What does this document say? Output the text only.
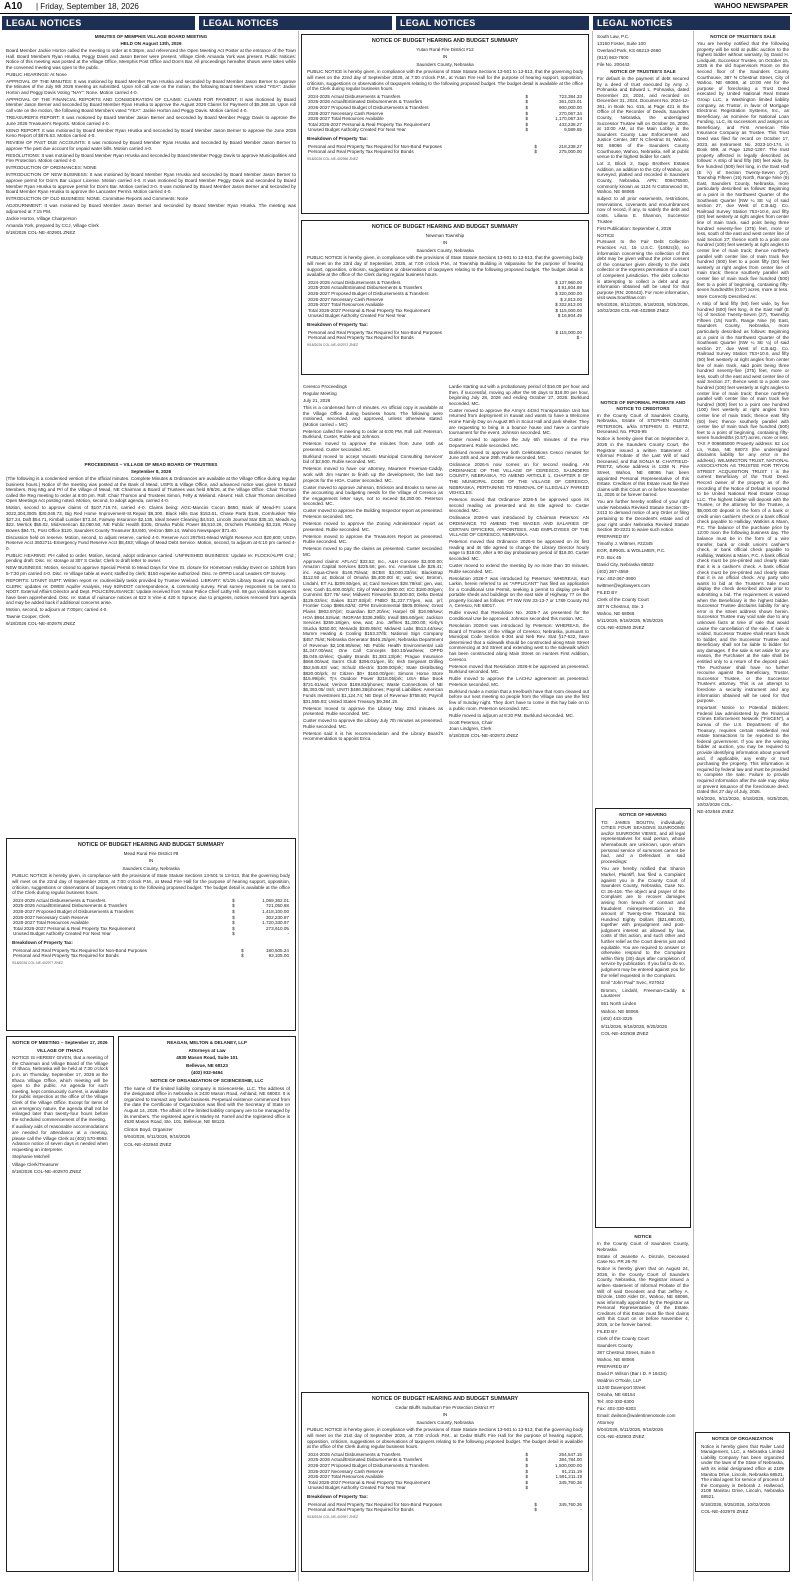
A10 | Friday, September 18, 2026	WAHOO NEWSPAPER
LEGAL NOTICES	LEGAL NOTICES	LEGAL NOTICES	LEGAL NOTICES

MINUTES OF MEMPHIS VILLAGE BOARD MEETING

HELD ON August 13th, 2026

Board Member Jackie Horton called the meeting to order at 6:38pm, and referenced the Open Meeting Act Poster at the entrance of the Town Hall. Board Members Ryan Hruska, Peggy Davis and Jason Berner were present. Village Clerk Amanda York was present. Public Notices: Notice of this meeting was posted at the Village Office, Memphis Post Office and Don's Bar. All proceedings hereafter shown were taken while the convened meeting was open to the public.

PUBLIC HEARINGS: At None

APPROVAL OF THE MINUTES: It was motioned by Board Member Ryan Hruska and seconded by Board Member Jason Berner to approve the Minutes of the July 9th 2026 meeting as submitted. Upon roll call vote on the motion, the following Board Members voted "YEA": Jackie Horton and Peggy Davis Voting "NAY": None. Motion carried 4-0.

APPROVAL OF THE FINANCIAL REPORTS AND CONSIDERATION OF CLAIMS: CLAIMS FOR PAYMENT. It was motioned by Board Member Jason Berner and seconded by Board Member Ryan Hruska to approve the August 2026 Claims for Payment of $5,366.18. Upon roll call vote on the motion, the following Board Members voted "YEA": Jackie Horton and Peggy Davis. Motion carried 4-0.

TREASURER'S REPORT: It was motioned by Board Member Jason Berner and seconded by Board Member Peggy Davis to approve the June 2026 Treasurer's Reports. Motion carried 4-0.

KENO REPORT: It was motioned by Board Member Ryan Hruska and seconded by Board Member Jason Berner to approve the June 2026 Keno Report of $676.63. Motion carried 4-0.

REVIEW OF PAST DUE ACCOUNTS: It was motioned by Board Member Ryan Hruska and seconded by Board Member Jason Berner to approve The past due account for unpaid water bills. Motion carried 4-0.

RESOLUTIONS: It was motioned by Board Member Ryan Hruska and seconded by Board Member Peggy Davis to approve Municipalities and Fire Protection. Motion carried 4-0.

INTRODUCTION OF ORDINANCES: NONE

INTRODUCTION OF NEW BUSINESS: It was motioned by Board Member Ryan Hruska and seconded by Board Member Jason Berner to approve permit for Don's Bar Liquor License. Motion carried 4-0. It was motioned by Board Member Peggy Davis and seconded by Board Member Ryan Hruska to approve permit for Don's Bar. Motion carried 3-0. It was motioned by Board Member Jason Berner and seconded by Board Member Ryan Hruska to approve the Lancaster Permit. Motion carried 4-0.

INTRODUCTION OF OLD BUSINESS: NONE. Committee Reports and Comments: None

ADJOURNMENT: It was motioned by Board Member Jason Berner and seconded by Board Member Ryan Hruska. The meeting was adjourned at 7:15 PM.

Jackie Horton, Village Chairperson

Amanda York, prepared by CCJ, Village Clerk

9/18/2026 COL-NE-402901 ZNEZ

PROCEEDINGS – VILLAGE OF MEAD BOARD OF TRUSTEES

September 8, 2026

(The following is a condensed version of the official minutes. Complete Minutes & Ordinances are available at the Village Office during regular business hours.) Notice of the meeting was posted at the Bank of Mead, USPS & Village Office, and advanced notice was given to Board Members. Reg Mtg and Prl of the Village of Mead, NE Chairman & Board of Trustees was held 9/8/26, at the Village Office. Chair Thorson called the Reg meeting to order at 6:00 pm. Roll: Chair Thorson and Trustees Simon, Felty & Wieland. Absent: Hall. Chair Thorson described Open Meetings Act posting noted. Motion, second, to adopt agenda, carried 4-0.

Motion, second to approve claims of $107,719.74, carried 4-0. Claims being: AGC-Mancini Cocon $650, Bank of Mead-P.I Loans 3022,304,3505 $30,045.73, Big Red Home Improvement-St.Repair $6,300, Black Hills Gas $153.61, Chase Parts $146, Cornhusker Tele $27.24, Daft $54.71, Kimball Lumber $73.34, Fairway Insurance $2,135, Ideal Sewer Cleaning $4,510, Lincoln Journal Star $35.10, Meads Ag $22, Merrick $55.02, MidAmerican $2,060.50, NE Public Health $105, Omaha Public Power $5,510.26, Orscheln Plumbing $3,218, Pitney Bowes $94.71, Post Office $120, Saunders County Treasurer $3,840, Verizon $89.14, Wahoo Newspaper $71.40.

Discussion held on reserve. Motion, second, to adjust reserve, carried 4-0. Reserve Acct 297941-Mead Wright Reserve Acct $20,600; USDA Reserve Acct 3502711-Emergency Fund Reserve Acct $8,483; Village of Mead Debt Service. Motion, second, to adjourn at 6:10 pm carried 4-0.

PUBLIC HEARING: PH called to order. Motion, second, adopt ordinance carried. UNFINISHED BUSINESS: Update re: FLOCK/ALPR Cnd.; pending draft. Disc. re: storage at 307 S Cedar; Clerk to draft letter to owner.

NEW BUSINESS: Motion, second to approve Special Permit to Mead Days for Vine St. closure for Hometown Holiday Event on 12/5/26 from 5-7:30 pm carried 4-0. Disc. re Village table at event; staffed by clerk; $150 expense authorized. Disc. re OPPD Local Leaders GP Survey.

REPORTS: UTAINT SUPT: Written report re: routine/daily tasks provided by Trustee Wieland. LIBRARY: 8/1/26 Library Board mtg accepted. CLERK: updates re: DWEE Aquifer Analysis, Hwy 92/NDOT correspondence, & community survey. Final survey responses to be sent to NDOT. External Affairs Director and Dept. POLICE/NUISANCE: Update received from Yutan Police Chief Lathy Hill. 88 gun violations suspects have been apprehended. Disc. re: status of nuisance notices at 522 S Vine & 420 S Spruce; due to progress, notices removed from agenda and may be added back if additional concerns arise.

Motion, second, to adjourn at 7:00pm; carried 4-0.

Tawnie Cooper, Clerk

9/18/2026 COL-NE-402978 ZNEZ

NOTICE OF BUDGET HEARING AND BUDGET SUMMARY
Mead Rural Fire District #8
IN
Saunders County, Nebraska

PUBLIC NOTICE is hereby given, in compliance with the provisions of State Statute Sections 13-501 to 13-513, that the governing body will meet on the 22nd day of September 2026, at 7:00 o'clock P.M., at Mead Fire Hall for the purpose of hearing support, opposition, criticism, suggestions or observations of taxpayers relating to the following proposed budget. The budget detail is available at the office of the Clerk during regular business hours.

2024-2025 Actual Disbursements & Transfers	$	1,069,362.01
2025-2026 Actual/Estimated Disbursements & Transfers	$	721,050.68
2026-2027 Proposed Budget of Disbursements & Transfers	$	1,418,100.00
2026-2027 Necessary Cash Reserve	$	302,230.97
2026-2027 Total Resources Available	$	1,720,330.97
Total 2026-2027 Personal & Real Property Tax Requirement	$	273,610.05
Unused Budget Authority Created For Next Year	$	-
Breakdown of Property Tax:
Personal and Real Property Tax Required for Non-Bond Purposes	$	180,505.24
Personal and Real Property Tax Required for Bonds	$	93,105.00
9/18/2026 COL-NE-402977 ZNEZ

NOTICE OF MEETING – September 17, 2026

VILLAGE OF ITHACA

NOTICE IS HEREBY GIVEN, that a meeting of the Chairman and Village Board of the Village of Ithaca, Nebraska will be held at 7:30 o'clock p.m. on Thursday, September 17, 2026 at the Ithaca Village Office, which meeting will be open to the public. An agenda for such meeting, kept continuously current, is available for public inspection at the office of the Village Clerk of the Village Office. Except for items of an emergency nature, the agenda shall not be enlarged later than twenty-four hours before the scheduled commencement of the meeting.

If auxiliary aids of reasonable accommodations are needed for attendance at a meeting, please call the Village Clerk at (402) 570-8963. Advance notice of seven days is needed when requesting an interpreter.

Stephanie Mitchell

Village Clerk/Treasurer

9/18/2026 COL-NE-402970 ZNEZ

REAGAN, MELTON & DELANEY, LLP

Attorneys at Law

4530 Mason Road, Suite 101

Bellevue, NE 68123

(402) 932-9494

NOTICE OF ORGANIZATION OF SCIENCESHIE, LLC

The name of the limited liability company is SciencesHie, LLC. The address of the designated office in Nebraska is 2430 Mason Road, Ashland, NE 68003. It is organized to transact any lawful business. Perpetual existence commenced from the date the Certificate of Organization was filed with the Secretary of State on August 14, 2026. The affairs of the limited liability company are to be managed by its members. The registered agent is Marley M. Farrell and the registered office is 4530 Mason Road, Ste. 101, Bellevue, NE 68123.

Clinton Boyd, Organizer

9/04/2026, 9/11/2026, 9/18/2026

COL-NE-402940 ZNEZ

NOTICE OF BUDGET HEARING AND BUDGET SUMMARY
Yutan Rural Fire District #12
IN
Saunders County, Nebraska

PUBLIC NOTICE is hereby given, in compliance with the provisions of State Statute Sections 13-501 to 13-513, that the governing body will meet on the 22nd day of September 2026, at 7:00 o'clock P.M., at Yutan Fire Hall for the purpose of hearing support, opposition, criticism, suggestions or observations of taxpayers relating to the following proposed budget. The budget detail is available at the office of the Clerk during regular business hours.

2024-2025 Actual Disbursements & Transfers	$	723,384.33
2025-2026 Actual/Estimated Disbursements & Transfers	$	361,023.01
2026-2027 Proposed Budget of Disbursements & Transfers	$	900,000.00
2026-2027 Necessary Cash Reserve	$	270,067.34
2026-2027 Total Resources Available	$	1,170,067.34
Total 2026-2027 Personal & Real Property Tax Requirement	$	433,238.27
Unused Budget Authority Created For Next Year	$	9,589.65
Breakdown of Property Tax:
Personal and Real Property Tax Required for Non-Bond Purposes	$	218,238.27
Personal and Real Property Tax Required for Bonds	$	275,000.00
9/18/2026 COL-NE-402956 ZNEZ
NOTICE OF BUDGET HEARING AND BUDGET SUMMARY
Newman Township
IN
Saunders County, Nebraska

PUBLIC NOTICE is hereby given, in compliance with the provisions of State Statute Sections 13-501 to 13-513, that the governing body will meet on the 23rd day of September, 2026, at 7:00 o'clock P.M., at Township Building in Valparaiso for the purpose of hearing support, opposition, criticism, suggestions or observations of taxpayers relating to the following proposed budget. The budget detail is available at the office of the Clerk during regular business hours.

2024-2025 Actual Disbursements & Transfers		$ 137,960.00
2025-2026 Actual/Estimated Disbursements & Transfers		$ 91,604.69
2026-2027 Proposed Budget of Disbursements & Transfers		$ 320,000.00
2026-2027 Necessary Cash Reserve		$ 2,813.00
2026-2027 Total Resources Available		$ 322,813.00
Total 2026-2027 Personal & Real Property Tax Requirement		$ 115,000.00
Unused Budget Authority Created For Next Year		$ 16,804.49
Breakdown of Property Tax:
Personal and Real Property Tax Required for Non-Bond Purposes		$ 115,000.00
Personal and Real Property Tax Required for Bonds		$ -
9/18/2026 COL-NE-402972 ZNEZ

Ceresco Proceedings

Regular Meeting

July 21, 2026

This is a condensed form of minutes. An official copy is available at the Village Office during business hours. The following were motioned, seconded, and approved, unless otherwise stated. (Motion carried = MC)

Peterson called the meeting to order at 6:00 PM. Roll call: Peterson, Burklund, Custer, Ruble and Johnson.

Peterson moved to approve the minutes from June 16th as presented. Custer seconded. MC.

Burklund moved to accept Vacanti Municipal Consulting Services' bid of $2,500. Ruble seconded. MC.

Peterson moved to have our attorney, Maureen Freeman-Caddy, work with Jim Hunter to finish up the development, the last two projects for the HOA. Custer seconded. MC.

Custer moved to approve Johnson, Erickson and Brooks to serve as the accounting and budgeting needs for the Village of Ceresco as the engagement letter says, not to exceed $4,250.00. Peterson seconded. MC.

Custer moved to approve the Building Inspector report as presented. Peterson seconded. MC.

Peterson moved to approve the Zoning Administrator report as presented. Ruble seconded. MC.

Peterson moved to approve the Treasurers Report as presented. Ruble seconded. MC.

Peterson moved to pay the claims as presented. Custer seconded. MC.

Approved claims: AFLAC/ $33.52; Inc., A&H Concrete $2,000.00; Amazon Capital Services $225.56; gen. Inc. Ameritas Life $26.41; inc. Aqua-Chem $146.75/wat; BCBS $3,000.33/ins; Blackstrap $112.50 at; Bobcat of Omaha $5,400.00/ st; wat; sew; Bromm, Lindahl, ET AL $209.50/gen, at; Card Services $28.78/sol; gen, wat, sew; Cash $1,600.00/pfc; City of Wahoo $900.00; ICC $180.00/gen; Cummins $37.76/ sew; Midwest Fireworks $3,500.00; Delta Dental $129.03/ins; Eakes $137.93/prl; FNBO $1,237.77/gen, wat, prl; Frontier Coop $865.63/st; GPM Environmental $505.00/sew; Great Plains $903.97/prl; Guardian $27.20/ins; Harpel Oil $16.99/sew; HOA $964.52/wat; INGRAM $336.39/lib; Insull $55.60/gen; Jackson Services $259.18/gen, sew, wat; Jno. Jeffries $1,300.00; Kirby's Stucka $250.00; Menards $345.95/st; Midwest Labs $513.44/sew; Mumm Heating & Cooling $153.37/lb; National Sign Company $457.75/st; Nebraska Generator $546.25/gen; Nebraska Department of Revenue $2,108.95/sew; NE Public Health Environmental Lab $1,247.00/wat; One Call Concepts $40.10/wat/sew; OPPD $5,049.42/elec; Quality Brands $1,383.13/prk; Prague Insurance $668.00/wat; Sam's Club $296.01/gen, lib; Irish Sergeant Drilling $52,545.62/ wat; Schulz Electric $109.00/prk; State Distributing $820.00/prk; Sr Citizen $0+ $160.00/gen; Simons Home Store $15.99/prk; Tj's Outdoor Power $218.05/prk; USA Blue Book $721.61/wat; Verizon $169.83/phones; Waste Connections of NE $6,393.05/ trsh; UNITI $486.38/phones; Payroll Liabilities: American Funds Investment $1,124.74; NE Dept of Revenue $758.80; Payroll $31,555.93; United States Treasury $9,384.19.

Peterson moved to approve the Library May 23rd minutes as presented. Ruble seconded. MC.

Custer moved to approve the Library July 7th minutes as presented. Ruble seconded. MC.

Peterson said it is his recommendation and the Library Board's recommendation to appoint Erica

Lardie starting out with a probationary period of $16.00 per hour and then, if successful, moving up after the 90 days to $18.00 per hour, beginning July 28, 2026 and ending October 27, 2026. Burklund seconded. MC.

Custer moved to approve the Army's 443rd Transportation Unit has returned from deployment in Kuwait and wants to have a Welcome Home Family Day on August 9th in Scout Hall and park shelter. They are requesting to bring in a bounce house and have a cornhole tournament for the event. Johnson seconded. MC.

Custer moved to approve the July 6th minutes of the Fire Department. Ruble seconded. MC.

Burklund moved to approve both Celebrations Cesco minutes for June 24th and June 29th. Ruble seconded. MC.

Ordinance 2026-5 now comes on for second reading. AN ORDINANCE OF THE VILLAGE OF CERESCO, SAUNDERS COUNTY, NEBRASKA, TO AMEND ARTICLE 1, CHAPTER 8 OF THE MUNICIPAL CODE OF THE VILLAGE OF CERESCO, NEBRASKA, PERTAINING TO REMOVAL OF ILLEGALLY PARKED VEHICLES.

Peterson moved that Ordinance 2026-5 be approved upon its second reading as presented and its title agreed to. Custer seconded. MC.

Ordinance 2026-6 was introduced by Chairman Peterson: AN ORDINANCE TO AMEND THE WAGES AND SALARIES OF CERTAIN OFFICERS, APPOINTEES, AND EMPLOYEES OF THE VILLAGE OF CERESCO, NEBRASKA.

Peterson moved that Ordinance 2026-6 be approved on its first reading and its title agreed to change the Library Director hourly wage to $18.00, after a 90 day probationary period of $16.00. Custer seconded. MC.

Custer moved to extend the meeting by no more than 30 minutes. Ruble seconded. MC.

Resolution 2026-7 was introduced by Peterson: WHEREAS, Kurt Larkin, herein referred to as "APPLICANT" has filed an application for a Conditional Use Permit, seeking a permit to display pre-built portable sheds and buildings on the east side of Highway 77 on the property located as follows: PT NW NW 33-13-7 or 1789 County Rd A, Ceresco, NE 68017.

Ruble moved that Resolution No. 2026-7 as presented for the Conditional Use be approved. Johnson seconded this motion. MC.

Resolution 2026-8 was introduced by Peterson: WHEREAS, the Board of Trustees of the Village of Ceresco, Nebraska, pursuant to Municipal Code Section 6-304 and Neb Rev. Stat §17-522, have determined that a sidewalk should be constructed along Main Street commencing at 3rd Street and extending west to the sidewalk which has been constructed along Main Street on Hunters First Addition, Ceresco.

Peterson moved that Resolution 2026-8 be approved as presented. Burklund seconded. MC.

Ruble moved to approve the LACHU agreement as presented. Peterson seconded. MC.

Burklund made a motion that a tree/bush have that room cleaned out before our next meeting so people from the Village can use the first few of Sunday night. They don't have to come in this hay bale on to a public room. Peterson seconded. MC.

Ruble moved to adjourn at 8:20 PM. Burklund seconded. MC.

Scott Peterson, Chair

Joan Lindgren, Clerk

9/18/2026 COL-NE-402973 ZNEZ

NOTICE OF BUDGET HEARING AND BUDGET SUMMARY
Cedar Bluffs Suburban Fire Protection District #7
IN
Saunders County, Nebraska

PUBLIC NOTICE is hereby given, in compliance with the provisions of State Statute Sections 13-501 to 13-513, that the governing body will meet on the 21st day of September 2026, at 7:00 o'clock P.M., at Cedar Bluffs Fire Hall for the purpose of hearing support, opposition, criticism, suggestions or observations of taxpayers relating to the following proposed budget. The budget detail is available at the office of the Clerk during regular business hours.

2024-2025 Actual Disbursements & Transfers	$	264,547.15
2025-2026 Actual/Estimated Disbursements & Transfers	$	384,784.00
2026-2027 Proposed Budget of Disbursements & Transfers	$	1,500,000.00
2026-2027 Necessary Cash Reserve	$	91,211.19
2026-2027 Total Resources Available	$	1,591,211.19
Total 2026-2027 Personal & Real Property Tax Requirement	$	345,760.36
Unused Budget Authority Created For Next Year	$	-
Breakdown of Property Tax:
Personal and Real Property Tax Required for Non-Bond Purposes	$	345,760.36
Personal and Real Property Tax Required for Bonds	$	-
9/18/2026 COL-NE-402957 ZNEZ

South Law, P.C.

13160 Foster, Suite 100

Overland Park, KS 66213-2660

(913) 663-7600

File No. 200443

NOTICE OF TRUSTEE'S SALE

For default in the payment of debt secured by a deed of trust executed by Amy J. Pohnaska and Edward L. Pohnaska, dated December 23, 2024, and recorded on December 31, 2024, Document No. 2024-12-361, in Book No. 615, at Page 421 in the Office of the Recorder of Deeds, Saunders County, Nebraska, the undersigned Successor Trustee will on October 26, 2026, at 10:00 AM, at the Main Lobby in the Saunders County Law Enforcement and Justice Center, 387 N Chestnut St, Wahoo, NE 68066 of the Saunders County Courthouse, Wahoo, Nebraska, sell at public venue to the highest bidder for cash:

Lot 3, Block 2, Sapp Brothers Estates Addition, an addition to the City of Wahoo, as surveyed, platted and recorded in Saunders County, Nebraska. APN: 006476500, commonly known as 1124 N Cottonwood St, Wahoo, NE 68066

subject to all prior easements, restrictions, reservations, covenants and encumbrances now of record, if any, to satisfy the debt and costs. Liliana E. Shannon, Successor Trustee

First Publication: September 4, 2026

NOTICE

Pursuant to the Fair Debt Collection Practices Act, 15 U.S.C. §1692c(b), no information concerning the collection of this debt may be given without the prior consent of the consumer given directly to the debt collector or the express permission of a court of competent jurisdiction. The debt collector is attempting to collect a debt and any information obtained will be used for that purpose (RN: 200443). For more information, visit www.Southlaw.com

9/04/2026, 9/11/2026, 9/18/2026, 9/25/2026, 10/02/2026 COL-NE-402869 ZNEZ

NOTICE OF INFORMAL PROBATE AND NOTICE TO CREDITORS

In the County Court of Saunders County, Nebraska, Estate of STEPHEN GLENN PETERSON, a/k/a STEPHEN G. PEETZ, Deceased. No. PR26-95

Notice is hereby given that on September 2, 2026 in the Saunders County Court, the Registrar issued a written Statement of Informal Probate of the Last Will of said Deceased, and that SONJA M. CHATFIELD-PEETZ, whose address is 1338 N. Pine Street, Wahoo, NE 68066 has been appointed Personal Representative of this Estate. Creditors of this Estate must file their claims with this Court on or before November 11, 2026 or be forever barred.

You are further hereby notified of your right under Nebraska Revised Statute Section 30-2413 to demand notice of any Order or filing pertaining to the Decedent's estate and of your right under Nebraska Revised Statute Section 30-2221 to waive such notice.

PREPARED BY

Timothy J. Wittmer, #22345

EGR, BIRKEL & WOLLMER, P.C.

P.O. Box 45

David City, Nebraska 68632

(402) 367-4559

Fax: 402-367-3900

twittmer@egrlawyers.com

FILED BY

Clerk of the County Court

387 N Chestnut, Ste. 3

Wahoo, NE 68066

9/11/2026, 9/18/2026, 9/25/2026

COL-NE-402940 ZNEZ

NOTICE OF HEARING

TO: JAMES BOUTIN, individually; CITIES FOUR SEASONS SUNROOMS and/or SUNROOM VIEWS, and all legal representatives for said person, whose whereabouts are unknown, upon whom personal service of summons cannot be had, and a Defendant in said proceedings:

You are hereby notified that Sharon Markel, Plaintiff, has filed a Complaint against you in the County Court of Saunders County, Nebraska, Case No. CI 26-416. The object and prayer of the Complaint are to recover damages arising from breach of contract and fraudulent misrepresentation in the amount of Twenty-One Thousand Six Hundred Eighty Dollars ($21,680.00), together with prejudgment and post-judgment interest as allowed by law, costs of this action, and such other and further relief as the Court deems just and equitable. You are required to answer or otherwise respond to the Complaint within thirty (30) days after completion of service by publication. If you fail to do so, judgment may be entered against you for the relief requested in the Complaint.

Emil "John Paul" Svec, #27042

Bromm, Lindahl, Freeman-Caddy & Lausterer

551 North Linden

Wahoo, NE 68066

(402) 443-3225

9/11/2026, 9/18/2026, 9/25/2026

COL-NE-402938 ZNEZ

NOTICE

In the County Court of Saunders County, Nebraska

Estate of Jeanette A. Dinzole, Deceased Case No. PR 26-78

Notice is hereby given that on August 24, 2026, in the County Court of Saunders County, Nebraska, the Registrar issued a written statement of Informal Probate of the Will of said Decedent and that Jeffrey A. Dinzole, 1500 Alder Dr., Wahoo, NE 68066, was informally appointed by the Registrar as Personal Representative of the Estate. Creditors of this Estate must file their claims with this Court on or before November 4, 2026, or be forever barred.

FILED BY

Clerk of the County Court

Saunders County

387 Chestnut Street, Suite 6

Wahoo, NE 68066

PREPARED BY

David P. Wilson (Bar I.D. # 16434)

Waldron O'Toole, LLP

11240 Davenport Street

Omaha, NE 68154

Tel: 402-330-6300

Fax: 402-330-6303

Email: dwilson@walentinenotoole.com

Attorney

9/04/2026, 9/11/2026, 9/18/2026

COL-NE-402903 ZNEZ

NOTICE OF TRUSTEE'S SALE

You are hereby notified that the following property will be sold at public auction to the highest bidder without warranty, by David H. Lindquist, Successor Trustee, on October 15, 2026 in the old Supervisors Room on the second floor of the Saunders County Courthouse, 387 N Chestnut Street, City of Wahoo, NE 68066, at 10:00 AM for the purpose of foreclosing a Trust Deed executed by United National Real Estate Group LLC, a Washington limited liability company, as Trustor, in favor of Mortgage Electronic Registration Systems, Inc., as Beneficiary, as nominee for National Loan Funding, LLC, its successors and assigns as Beneficiary, and First American Title Insurance Company as Trustee. This Trust Deed was filed for record on October 17, 2023, as Instrument No. 2023-10-174, in Book 599, at Page 1252-1267. The trust property affected is legally described as follows: A strip of land fifty (50) feet wide, by five hundred (500) feet long, in the East Half (E ½) of Section Twenty-Seven (27), Township Fifteen (15) North, Range Nine (9) East, Saunders County, Nebraska, more particularly described as follows: Beginning at a point in the Northwest Quarter of the Southeast Quarter (NW ¼ SE ¼) of said section 27, due West of C.B.&Q. Co. Railroad Survey Station 753+10.6, and fifty (50) feet westerly at right angles from center line of main track, said point being three hundred seventy-five (375) feet, more or less, south of the east and west center line of said Section 27; thence north to a point one hundred (100) feet westerly at right angles to center line of main track; thence northerly parallel with center line of main track five hundred (500) feet to a point fifty (50) feet westerly at right angles from center line of main track; thence southerly parallel with center line of main track five hundred (500) feet to a point of beginning, containing fifty-seven hundredths (0.57) acres, more or less.

More Correctly Described As:

A strip of land fifty (50) feet wide, by five hundred (500) feet long, in the East Half (E ½) of Section Twenty-Seven (27), Township Fifteen (15) North, Range Nine (9) East, Saunders County, Nebraska, more particularly described as follows: Beginning at a point in the Northwest Quarter of the Southeast Quarter (NW ¼ SE ¼) of said section 27, due West of C.B.&Q. Co. Railroad Survey Station 753+10.6, and fifty (50) feet westerly at right angles from center line of main track, said point being three hundred seventy-five (375) feet, more or less, south of the east and west center line of said Section 27; thence west to a point one hundred (100) feet westerly at right angles to center line of main track; thence northerly parallel with center line of main track five hundred (500) feet to a point one hundred (100) feet westerly at right angles from center line of main track; thence east fifty (50) feet; thence southerly parallel with center line of main track five hundred (500) feet to a point of beginning, containing fifty-seven hundredths (0.57) acres, more or less. TAX # 006685000 Property address: 62 Loc Ln, Yutan, NE 68073 (the undersigned disclaims liability for any error in the address). WILMINGTON TRUST, NATIONAL ASSOCIATION AS TRUSTEE FOR TRYON STREET ACQUISITION TRUST I is the current Beneficiary of the Trust Deed. Record owner of the property as of the recording of the Notice of Default is reported to be United National Real Estate Group LLC. The highest bidder will deposit with the Trustee, or the attorney for the Trustee, a $5,000.00 deposit in the form of a bank or credit union cashier's check or a bank official check payable to Halliday, Watkins & Mann, P.C. The balance of the purchase price by 12:00 noon the following business day. The balance must be in the form of a wire transfer, bank or credit union's cashier's check, or bank official check payable to Halliday, Watkins & Mann, P.C. A bank official check must be pre-printed and clearly state that it is a cashier's check. A bank official check must be pre-printed and clearly state that it is an official check. Any party who wants to bid at the Trustee's Sale must display the check described above prior to submitting a bid. The requirement is waived when the Beneficiary is the highest bidder. Successor Trustee disclaims liability for any error in the street address shown herein. Successor Trustee may void sale due to any unknown facts at time of sale that would cause the cancellation of the sale. If sale is voided, Successor Trustee shall return funds to bidder, and the Successor Trustee and Beneficiary shall not be liable to bidder for any damages. If the sale is set aside for any reason, the Purchaser at the sale shall be entitled only to a return of the deposit paid. The Purchaser shall have no further recourse against the Beneficiary, Trustor, Successor Trustee, or the Successor Trustee's attorney. This is an attempt to foreclose a security instrument and any information obtained will be used for that purpose.

Important Notice to Potential Bidders: Federal law administered by the Financial Crimes Enforcement Network ("FinCEN"), a bureau of the U.S. Department of the Treasury, requires certain residential real estate transactions to be reported to the federal government. If you are the winning bidder at auction, you may be required to provide identifying information about yourself and, if applicable, any entity or trust purchasing the property. This information is required by federal law and must be provided to complete the sale. Failure to provide required information after the sale may delay or prevent issuance of the foreclosure deed. Dated this 27 day of July, 2026.

9/4/2026, 9/11/2026, 9/18/2026, 9/25/2026, 10/02/2026 COL-

NE-402846 ZNEZ

NOTICE OF ORGANIZATION

Notice is hereby given that Railer Land Management, LLC, a Nebraska Limited Liability Company has been organized under the laws of the State of Nebraska, with its initial designated office at 2109 Manitou Drive, Lincoln, Nebraska 68521. The initial agent for service of process of the Company is Deborah J. Hallwood, 2109 Manitou Drive, Lincoln, Nebraska 68521.

9/18/2026, 9/25/2026, 10/02/2026

COL-NE-402976 ZNEZ
